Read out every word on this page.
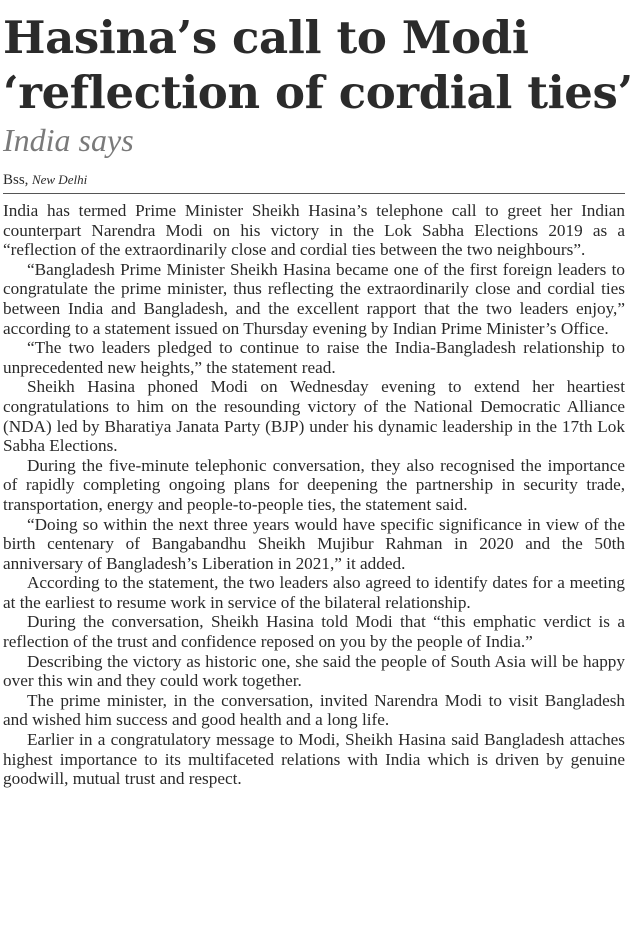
Hasina’s call to Modi
‘reflection of cordial ties’
India says
Bss, New Delhi

India has termed Prime Minister Sheikh Hasina’s telephone call to greet her Indian counterpart Narendra Modi on his victory in the Lok Sabha Elections 2019 as a “reflection of the extraordinarily close and cordial ties between the two neighbours”.

“Bangladesh Prime Minister Sheikh Hasina became one of the first foreign leaders to congratulate the prime minister, thus reflecting the extraordinarily close and cordial ties between India and Bangladesh, and the excellent rapport that the two leaders enjoy,” according to a statement issued on Thursday evening by Indian Prime Minister’s Office.

“The two leaders pledged to continue to raise the India-Bangladesh relationship to unprecedented new heights,” the statement read.

Sheikh Hasina phoned Modi on Wednesday evening to extend her heartiest congratulations to him on the resounding victory of the National Democratic Alliance (NDA) led by Bharatiya Janata Party (BJP) under his dynamic leadership in the 17th Lok Sabha Elections.

During the five-minute telephonic conversation, they also recognised the importance of rapidly completing ongoing plans for deepening the partnership in security trade, transportation, energy and people-to-people ties, the statement said.

“Doing so within the next three years would have specific significance in view of the birth centenary of Bangabandhu Sheikh Mujibur Rahman in 2020 and the 50th anniversary of Bangladesh’s Liberation in 2021,” it added.

According to the statement, the two leaders also agreed to identify dates for a meeting at the earliest to resume work in service of the bilateral relationship.

During the conversation, Sheikh Hasina told Modi that “this emphatic verdict is a reflection of the trust and confidence reposed on you by the people of India.”

Describing the victory as historic one, she said the people of South Asia will be happy over this win and they could work together.

The prime minister, in the conversation, invited Narendra Modi to visit Bangladesh and wished him success and good health and a long life.

Earlier in a congratulatory message to Modi, Sheikh Hasina said Bangladesh attaches highest importance to its multifaceted relations with India which is driven by genuine goodwill, mutual trust and respect.
